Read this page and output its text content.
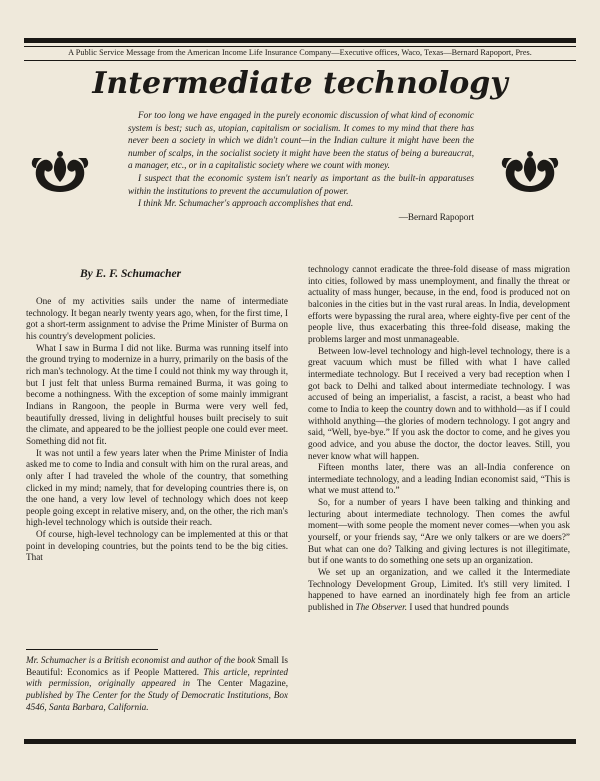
A Public Service Message from the American Income Life Insurance Company—Executive offices, Waco, Texas—Bernard Rapoport, Pres.
Intermediate technology

For too long we have engaged in the purely economic discussion of what kind of economic system is best; such as, utopian, capitalism or socialism. It comes to my mind that there has never been a society in which we didn't count—in the Indian culture it might have been the number of scalps, in the socialist society it might have been the status of being a bureaucrat, a manager, etc., or in a capitalistic society where we count with money.

I suspect that the economic system isn't nearly as important as the built-in apparatuses within the institutions to prevent the accumulation of power.

I think Mr. Schumacher's approach accomplishes that end.

—Bernard Rapoport

By E. F. Schumacher

One of my activities sails under the name of intermediate technology. It began nearly twenty years ago, when, for the first time, I got a short-term assignment to advise the Prime Minister of Burma on his country's development policies.

What I saw in Burma I did not like. Burma was running itself into the ground trying to modernize in a hurry, primarily on the basis of the rich man's technology. At the time I could not think my way through it, but I just felt that unless Burma remained Burma, it was going to become a nothingness. With the exception of some mainly immigrant Indians in Rangoon, the people in Burma were very well fed, beautifully dressed, living in delightful houses built precisely to suit the climate, and appeared to be the jolliest people one could ever meet. Something did not fit.

It was not until a few years later when the Prime Minister of India asked me to come to India and consult with him on the rural areas, and only after I had traveled the whole of the country, that something clicked in my mind; namely, that for developing countries there is, on the one hand, a very low level of technology which does not keep people going except in relative misery, and, on the other, the rich man's high-level technology which is outside their reach.

Of course, high-level technology can be implemented at this or that point in developing countries, but the points tend to be the big cities. That

Mr. Schumacher is a British economist and author of the book Small Is Beautiful: Economics as if People Mattered. This article, reprinted with permission, originally appeared in The Center Magazine, published by The Center for the Study of Democratic Institutions, Box 4546, Santa Barbara, California.

technology cannot eradicate the three-fold disease of mass migration into cities, followed by mass unemployment, and finally the threat or actuality of mass hunger, because, in the end, food is produced not on balconies in the cities but in the vast rural areas. In India, development efforts were bypassing the rural area, where eighty-five per cent of the people live, thus exacerbating this three-fold disease, making the problems larger and most unmanageable.

Between low-level technology and high-level technology, there is a great vacuum which must be filled with what I have called intermediate technology. But I received a very bad reception when I got back to Delhi and talked about intermediate technology. I was accused of being an imperialist, a fascist, a racist, a beast who had come to India to keep the country down and to withhold—as if I could withhold anything—the glories of modern technology. I got angry and said, “Well, bye-bye.” If you ask the doctor to come, and he gives you good advice, and you abuse the doctor, the doctor leaves. Still, you never know what will happen.

Fifteen months later, there was an all-India conference on intermediate technology, and a leading Indian economist said, “This is what we must attend to.”

So, for a number of years I have been talking and thinking and lecturing about intermediate technology. Then comes the awful moment—with some people the moment never comes—when you ask yourself, or your friends say, “Are we only talkers or are we doers?” But what can one do? Talking and giving lectures is not illegitimate, but if one wants to do something one sets up an organization.

We set up an organization, and we called it the Intermediate Technology Development Group, Limited. It's still very limited. I happened to have earned an inordinately high fee from an article published in The Observer. I used that hundred pounds
